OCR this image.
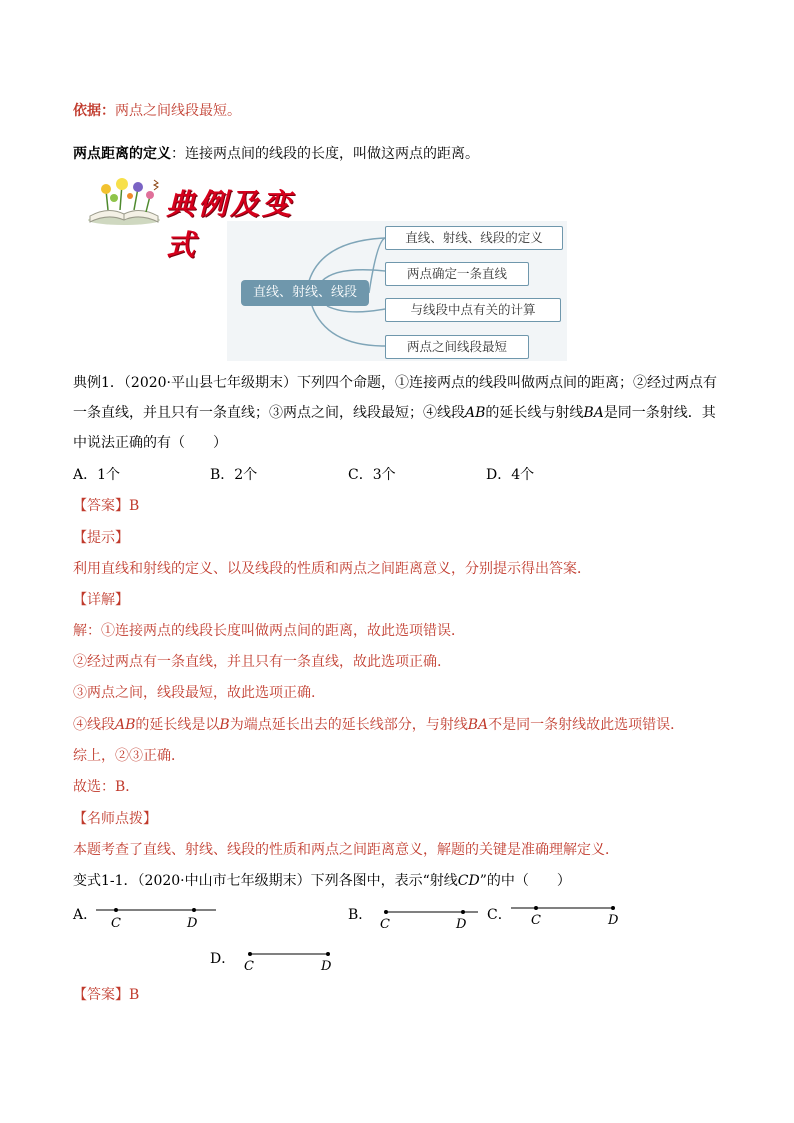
依据：两点之间线段最短。
两点距离的定义：连接两点间的线段的长度，叫做这两点的距离。
典例及变式
直线、射线、线段
直线、射线、线段的定义
两点确定一条直线
与线段中点有关的计算
两点之间线段最短
典例1．（2020·平山县七年级期末）下列四个命题，①连接两点的线段叫做两点间的距离；②经过两点有
一条直线，并且只有一条直线；③两点之间，线段最短；④线段AB的延长线与射线BA是同一条射线．其
中说法正确的有（　　）
A．1个	B．2个	C．3个	D．4个
【答案】B
【提示】
利用直线和射线的定义、以及线段的性质和两点之间距离意义，分别提示得出答案．
【详解】
解：①连接两点的线段长度叫做两点间的距离，故此选项错误．
②经过两点有一条直线，并且只有一条直线，故此选项正确.
③两点之间，线段最短，故此选项正确.
④线段AB的延长线是以B为端点延长出去的延长线部分，与射线BA不是同一条射线故此选项错误．
综上，②③正确．
故选：B．
【名师点拨】
本题考查了直线、射线、线段的性质和两点之间距离意义，解题的关键是准确理解定义．
变式1-1．（2020·中山市七年级期末）下列各图中，表示“射线CD”的中（　　）
A．
C	D
B．
C	D
C． C	D
D． C	D
【答案】B
